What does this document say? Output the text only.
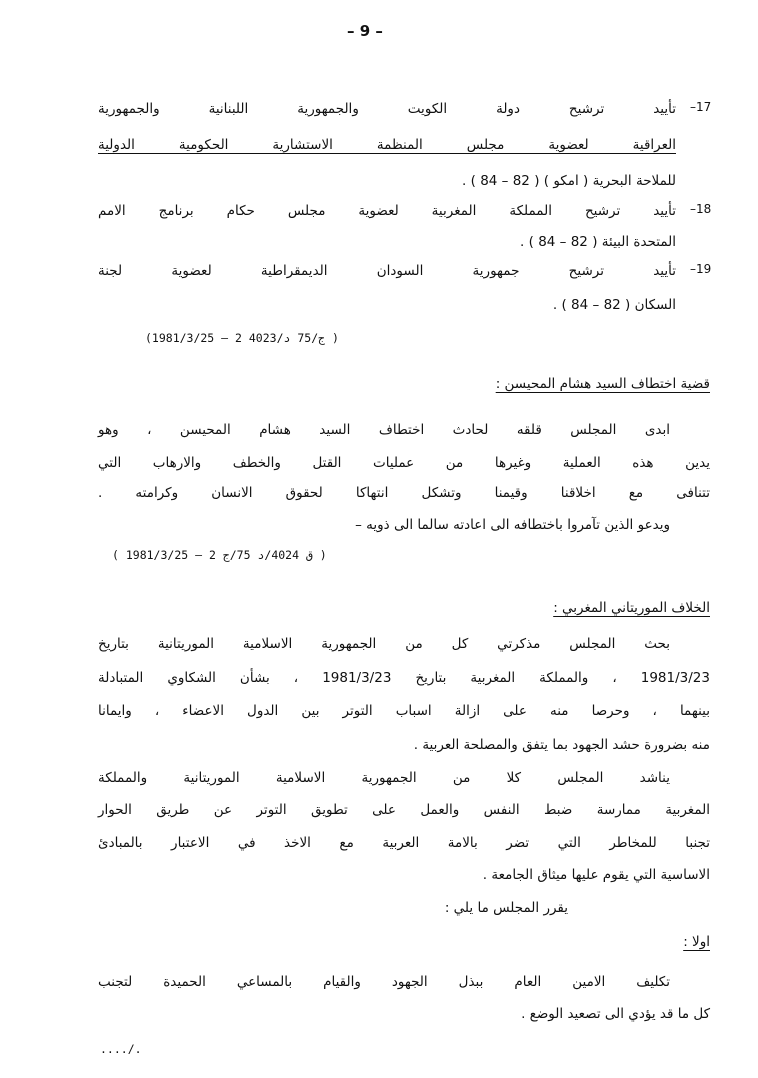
– 9 –
–17
تأييد ترشيح دولة الكويت والجمهورية اللبنانية والجمهورية
العراقية لعضوية مجلس المنظمة الاستشارية الحكومية الدولية
للملاحة البحرية ( امكو ) ( 82 – 84 ) .
–18
تأييد ترشيح المملكة المغربية لعضوية مجلس حكام برنامج الامم
المتحدة البيئة ( 82 – 84 ) .
–19
تأييد ترشيح جمهورية السودان الديمقراطية لعضوية لجنة
السكان ( 82 – 84 ) .
(1981/3/25 – 2 ج/75 د/4023 )
قضية اختطاف السيد هشام المحيسن :
ابدى المجلس قلقه لحادث اختطاف السيد هشام المحيسن ، وهو
يدين هذه العملية وغيرها من عمليات القتل والخطف والارهاب التي
تتنافى مع اخلاقنا وقيمنا وتشكل انتهاكا لحقوق الانسان وكرامته .
ويدعو الذين تآمروا باختطافه الى اعادته سالما الى ذويه –
( ق 4024/د 75/ج 2 – 1981/3/25 )
الخلاف الموريتاني المغربي :
بحث المجلس مذكرتي كل من الجمهورية الاسلامية الموريتانية بتاريخ
1981/3/23 ، والمملكة المغربية بتاريخ 1981/3/23 ، بشأن الشكاوي المتبادلة
بينهما ، وحرصا منه على ازالة اسباب التوتر بين الدول الاعضاء ، وايمانا
منه بضرورة حشد الجهود بما يتفق والمصلحة العربية .
يناشد المجلس كلا من الجمهورية الاسلامية الموريتانية والمملكة
المغربية ممارسة ضبط النفس والعمل على تطويق التوتر عن طريق الحوار
تجنبا للمخاطر التي تضر بالامة العربية مع الاخذ في الاعتبار بالمبادئ
الاساسية التي يقوم عليها ميثاق الجامعة .
يقرر المجلس ما يلي :
اولا :
تكليف الامين العام ببذل الجهود والقيام بالمساعي الحميدة لتجنب
كل ما قد يؤدي الى تصعيد الوضع .
..../.
